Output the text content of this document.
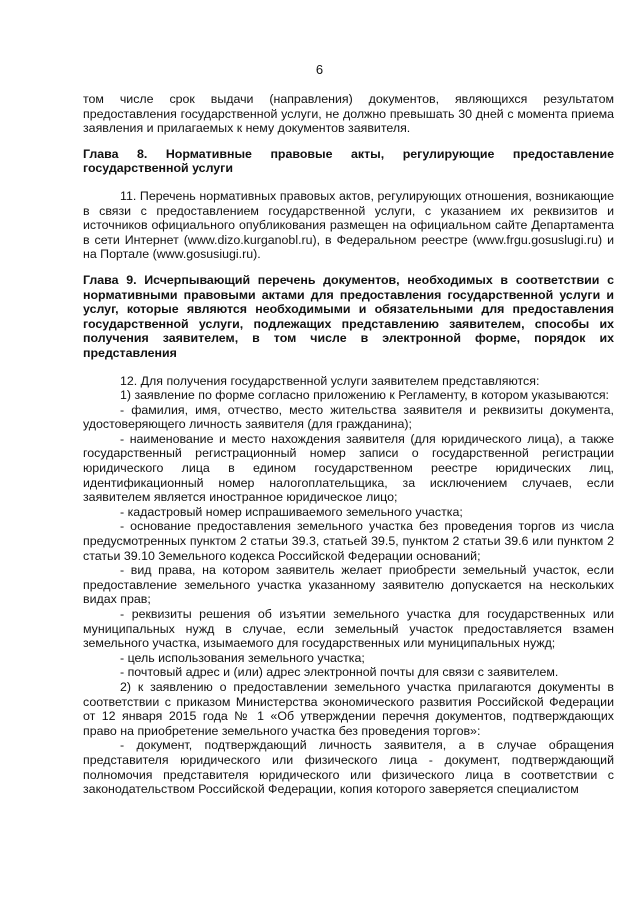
6

том числе срок выдачи (направления) документов, являющихся результатом предоставления государственной услуги, не должно превышать 30 дней с момента приема заявления и прилагаемых к нему документов заявителя.

Глава 8. Нормативные правовые акты, регулирующие предоставление государственной услуги

11. Перечень нормативных правовых актов, регулирующих отношения, возникающие в связи с предоставлением государственной услуги, с указанием их реквизитов и источников официального опубликования размещен на официальном сайте Департамента в сети Интернет (www.dizo.kurganobl.ru), в Федеральном реестре (www.frgu.gosuslugi.ru) и на Портале (www.gosusiugi.ru).

Глава 9. Исчерпывающий перечень документов, необходимых в соответствии с нормативными правовыми актами для предоставления государственной услуги и услуг, которые являются необходимыми и обязательными для предоставления государственной услуги, подлежащих представлению заявителем, способы их получения заявителем, в том числе в электронной форме, порядок их представления

12. Для получения государственной услуги заявителем представляются:

1) заявление по форме согласно приложению к Регламенту, в котором указываются:

- фамилия, имя, отчество, место жительства заявителя и реквизиты документа, удостоверяющего личность заявителя (для гражданина);

- наименование и место нахождения заявителя (для юридического лица), а также государственный регистрационный номер записи о государственной регистрации юридического лица в едином государственном реестре юридических лиц, идентификационный номер налогоплательщика, за исключением случаев, если заявителем является иностранное юридическое лицо;

- кадастровый номер испрашиваемого земельного участка;

- основание предоставления земельного участка без проведения торгов из числа предусмотренных пунктом 2 статьи 39.3, статьей 39.5, пунктом 2 статьи 39.6 или пунктом 2 статьи 39.10 Земельного кодекса Российской Федерации оснований;

- вид права, на котором заявитель желает приобрести земельный участок, если предоставление земельного участка указанному заявителю допускается на нескольких видах прав;

- реквизиты решения об изъятии земельного участка для государственных или муниципальных нужд в случае, если земельный участок предоставляется взамен земельного участка, изымаемого для государственных или муниципальных нужд;

- цель использования земельного участка;

- почтовый адрес и (или) адрес электронной почты для связи с заявителем.

2) к заявлению о предоставлении земельного участка прилагаются документы в соответствии с приказом Министерства экономического развития Российской Федерации от 12 января 2015 года № 1 «Об утверждении перечня документов, подтверждающих право на приобретение земельного участка без проведения торгов»:

- документ, подтверждающий личность заявителя, а в случае обращения представителя юридического или физического лица - документ, подтверждающий полномочия представителя юридического или физического лица в соответствии с законодательством Российской Федерации, копия которого заверяется специалистом
